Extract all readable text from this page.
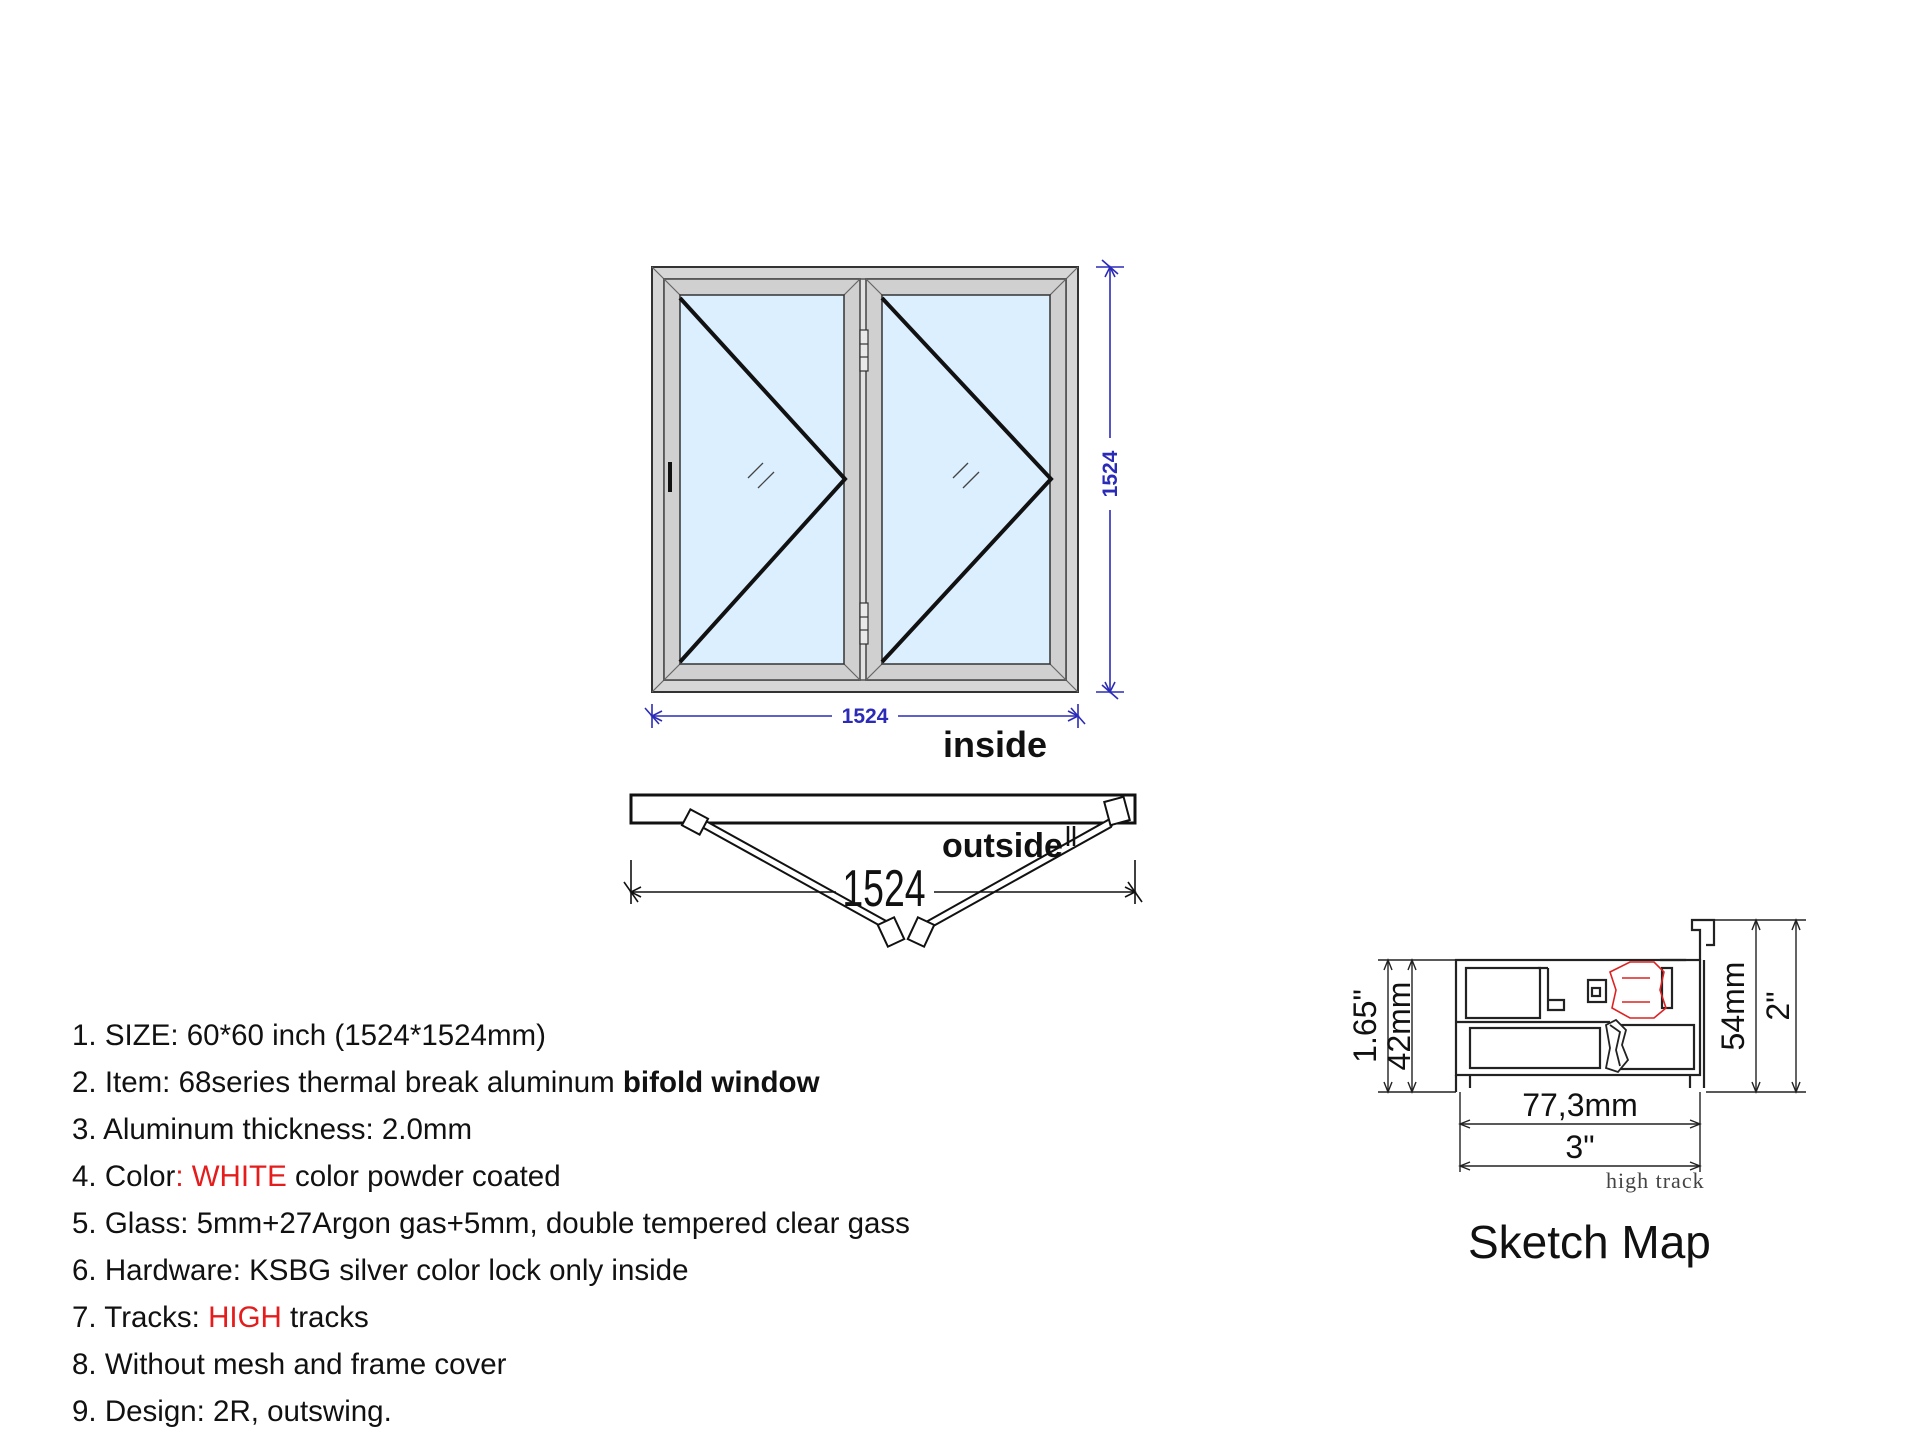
1524
1524
inside
outside
1524
1.65"
42mm	54mm 2"
77,3mm
3"
high track
1. SIZE: 60*60 inch (1524*1524mm)
2. Item: 68series thermal break aluminum bifold window
3. Aluminum thickness: 2.0mm
4. Color: WHITE color powder coated
5. Glass: 5mm+27Argon gas+5mm, double tempered clear gass
6. Hardware: KSBG silver color lock only inside
7. Tracks: HIGH tracks
8. Without mesh and frame cover
9. Design: 2R, outswing.
Sketch Map
